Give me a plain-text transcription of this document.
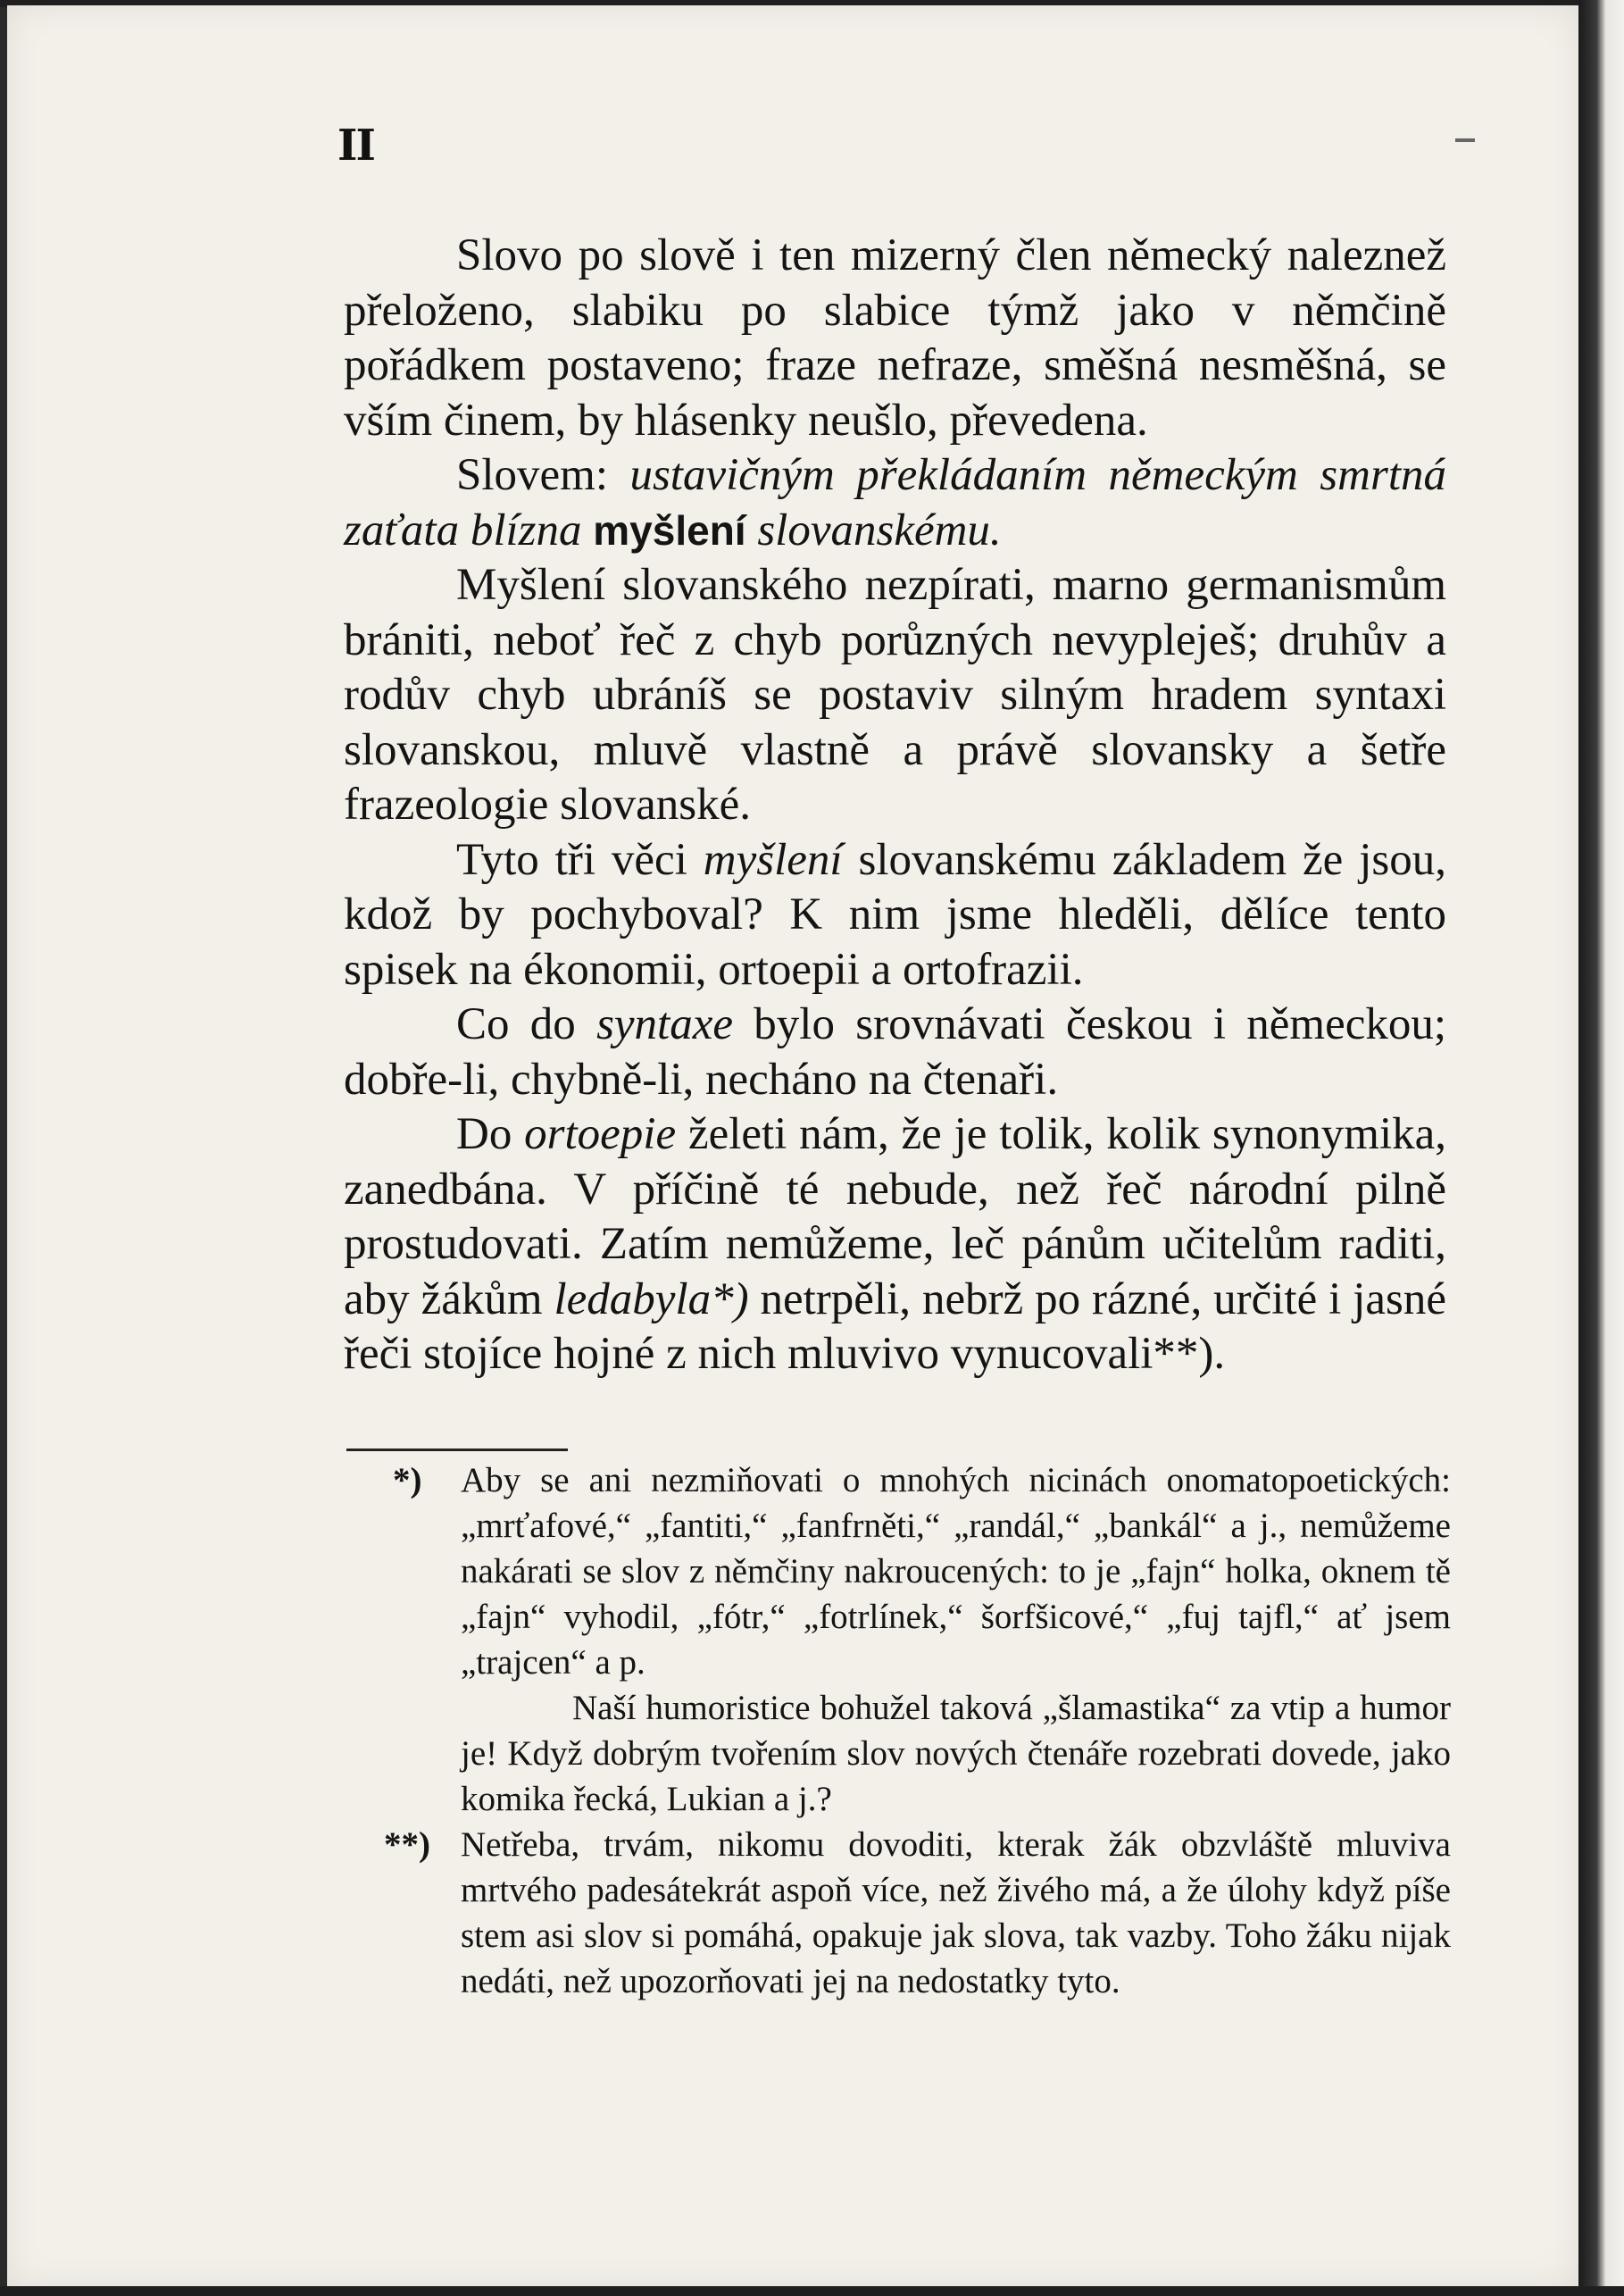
II

Slovo po slově i ten mizerný člen německý naleznež přeloženo, slabiku po slabice týmž jako v němčině pořádkem postaveno; fraze nefraze, směšná nesměšná, se vším činem, by hlásenky neušlo, převedena.

Slovem: ustavičným překládaním německým smrtná zaťata blízna myšlení slovanskému.

Myšlení slovanského nezpírati, marno germanismům brániti, neboť řeč z chyb porůzných nevypleješ; druhův a rodův chyb ubráníš se postaviv silným hradem syntaxi slovanskou, mluvě vlastně a právě slovansky a šetře frazeologie slovanské.

Tyto tři věci myšlení slovanskému základem že jsou, kdož by pochyboval? K nim jsme hleděli, dělíce tento spisek na ékonomii, ortoepii a ortofrazii.

Co do syntaxe bylo srovnávati českou i německou; dobře-li, chybně-li, necháno na čtenaři.

Do ortoepie želeti nám, že je tolik, kolik synonymika, zanedbána. V příčině té nebude, než řeč národní pilně prostudovati. Zatím nemůžeme, leč pánům učitelům raditi, aby žákům ledabyla*) netrpěli, nebrž po rázné, určité i jasné řeči stojíce hojné z nich mluvivo vynucovali**).

*) Aby se ani nezmiňovati o mnohých nicinách onomatopoetických: „mrťafové,“ „fantiti,“ „fanfrněti,“ „randál,“ „bankál“ a j., nemůžeme nakárati se slov z němčiny nakroucených: to je „fajn“ holka, oknem tě „fajn“ vyhodil, „fótr,“ „fotrlínek,“ šorfšicové,“ „fuj tajfl,“ ať jsem „trajcen“ a p.

Naší humoristice bohužel taková „šlamastika“ za vtip a humor je! Když dobrým tvořením slov nových čtenáře rozebrati dovede, jako komika řecká, Lukian a j.?

**) Netřeba, trvám, nikomu dovoditi, kterak žák obzvláště mluviva mrtvého padesátekrát aspoň více, než živého má, a že úlohy když píše stem asi slov si pomáhá, opakuje jak slova, tak vazby. Toho žáku nijak nedáti, než upozorňovati jej na nedostatky tyto.
